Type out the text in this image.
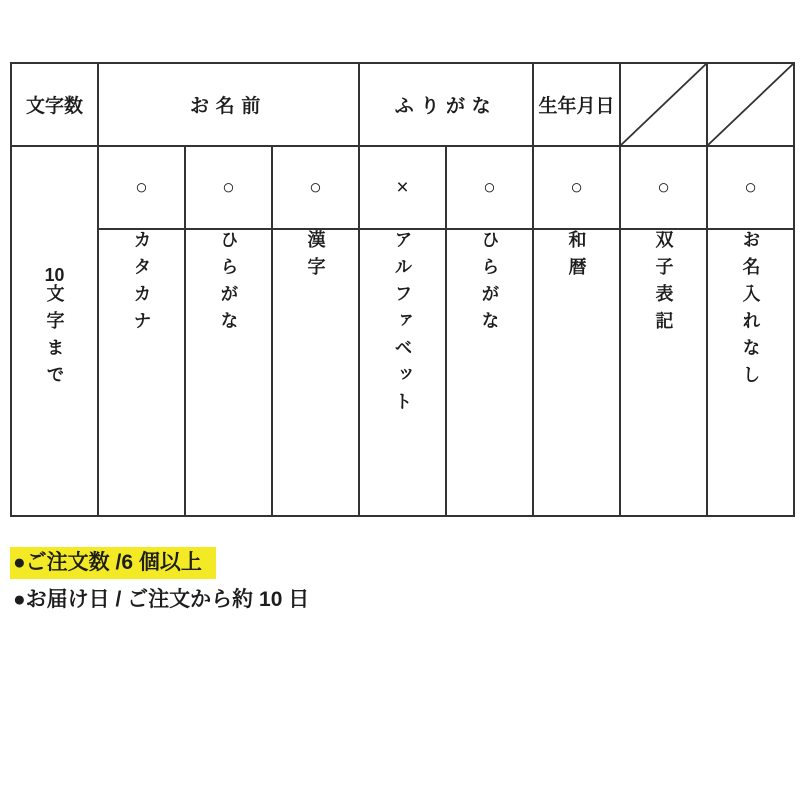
文字数	お名前			ふりがな		生年月日	

10文字まで	○	○	○	×	○	○	○	○
	カタカナ	ひらがな	漢字	アルファベット	ひらがな	和暦	双子表記	お名入れなし
●ご注文数 /6 個以上
●お届け日 / ご注文から約 10 日
